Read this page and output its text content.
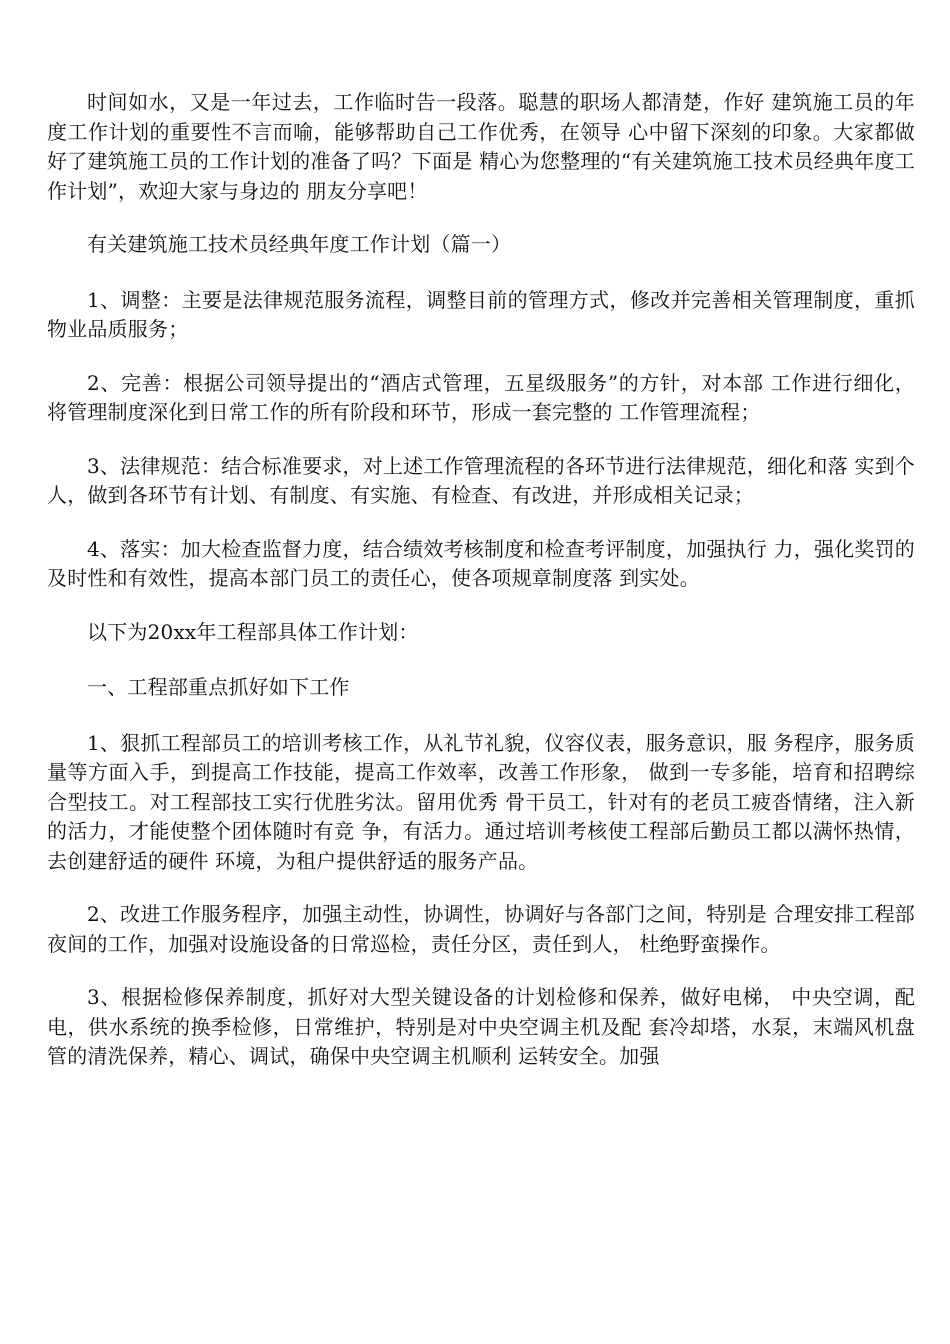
时间如水，又是一年过去，工作临时告一段落。聪慧的职场人都清楚，作好 建筑施工员的年度工作计划的重要性不言而喻，能够帮助自己工作优秀，在领导 心中留下深刻的印象。大家都做好了建筑施工员的工作计划的准备了吗？下面是 精心为您整理的“有关建筑施工技术员经典年度工作计划”，欢迎大家与身边的 朋友分享吧！

有关建筑施工技术员经典年度工作计划（篇一）

1、调整：主要是法律规范服务流程，调整目前的管理方式，修改并完善相关管理制度，重抓物业品质服务；

2、完善：根据公司领导提出的“酒店式管理，五星级服务”的方针，对本部 工作进行细化，将管理制度深化到日常工作的所有阶段和环节，形成一套完整的 工作管理流程；

3、法律规范：结合标准要求，对上述工作管理流程的各环节进行法律规范，细化和落 实到个人，做到各环节有计划、有制度、有实施、有检查、有改进，并形成相关记录；

4、落实：加大检查监督力度，结合绩效考核制度和检查考评制度，加强执行 力，强化奖罚的及时性和有效性，提高本部门员工的责任心，使各项规章制度落 到实处。

以下为20xx年工程部具体工作计划：

一、工程部重点抓好如下工作

1、狠抓工程部员工的培训考核工作，从礼节礼貌，仪容仪表，服务意识，服 务程序，服务质量等方面入手，到提高工作技能，提高工作效率，改善工作形象， 做到一专多能，培育和招聘综合型技工。对工程部技工实行优胜劣汰。留用优秀 骨干员工，针对有的老员工疲沓情绪，注入新的活力，才能使整个团体随时有竞 争，有活力。通过培训考核使工程部后勤员工都以满怀热情，去创建舒适的硬件 环境，为租户提供舒适的服务产品。

2、改进工作服务程序，加强主动性，协调性，协调好与各部门之间，特别是 合理安排工程部夜间的工作，加强对设施设备的日常巡检，责任分区，责任到人， 杜绝野蛮操作。

3、根据检修保养制度，抓好对大型关键设备的计划检修和保养，做好电梯， 中央空调，配电，供水系统的换季检修，日常维护，特别是对中央空调主机及配 套冷却塔，水泵，末端风机盘管的清洗保养，精心、调试，确保中央空调主机顺利 运转安全。加强
